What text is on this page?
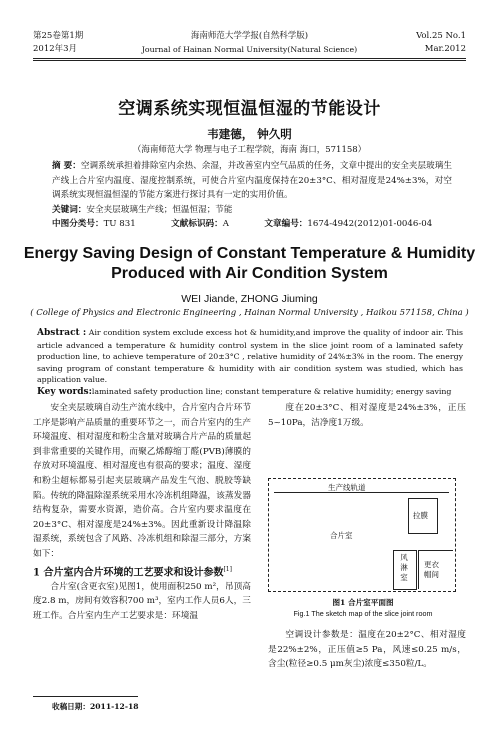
第25卷第1期
2012年3月
海南师范大学学报(自然科学版)
Journal of Hainan Normal University(Natural Science)
Vol.25 No.1
Mar.2012
空调系统实现恒温恒湿的节能设计
韦建德， 钟久明
（海南师范大学 物理与电子工程学院，海南 海口，571158）

摘 要：空调系统承担着排除室内余热、余湿，并改善室内空气品质的任务，文章中提出的安全夹层玻璃生产线上合片室内温度、湿度控制系统，可使合片室内温度保持在20±3°C、相对湿度是24%±3%，对空调系统实现恒温恒湿的节能方案进行探讨具有一定的实用价值。

关键词：安全夹层玻璃生产线；恒温恒湿；节能

中图分类号：TU 831	文献标识码：A	文章编号：1674-4942(2012)01-0046-04

Energy Saving Design of Constant Temperature & Humidity
Produced with Air Condition System
WEI Jiande, ZHONG Jiuming
( College of Physics and Electronic Engineering , Hainan Normal University , Haikou 571158, China )

Abstract : Air condition system exclude excess hot & humidity,and improve the quality of indoor air. This article advanced a temperature & humidity control system in the slice joint room of a laminated safety production line, to achieve temperature of 20±3°C , relative humidity of 24%±3% in the room. The energy saving program of constant temperature & humidity with air condition system was studied, which has application value.

Key words:laminated safety production line; constant temperature & relative humidity; energy saving

安全夹层玻璃自动生产流水线中，合片室内合片环节工序是影响产品质量的重要环节之一，而合片室内的生产环境温度、相对湿度和粉尘含量对玻璃合片产品的质量起到非常重要的关键作用，而聚乙烯醇缩丁醛(PVB)薄膜的存放对环境温度、相对湿度也有很高的要求；温度、湿度和粉尘超标都易引起夹层玻璃产品发生气泡、脱胶等缺陷。传统的降温除湿系统采用水冷冻机组降温，该蒸发器结构复杂，需要水资源，造价高。合片室内要求温度在20±3°C、相对湿度是24%±3%。因此重新设计降温除湿系统，系统包含了风路、冷冻机组和除湿三部分，方案如下：

1 合片室内合片环境的工艺要求和设计参数[1]

合片室(含更衣室)见图1，使用面积250 m²，吊顶高度2.8 m，房间有效容积700 m³，室内工作人员6人，三班工作。合片室内生产工艺要求是：环境温

度在20±3°C、相对湿度是24%±3%，正压5~10Pa，洁净度1万级。

生产线轨道
拉膜
合片室
风淋室
更衣帽间
图1 合片室平面图
Fig.1 The sketch map of the slice joint room

空调设计参数是：温度在20±2°C、相对湿度是22%±2%，正压值≥5 Pa，风速≤0.25 m/s，含尘(粒径≥0.5 μm灰尘)浓度≤350粒/L。

收稿日期：2011-12-18
